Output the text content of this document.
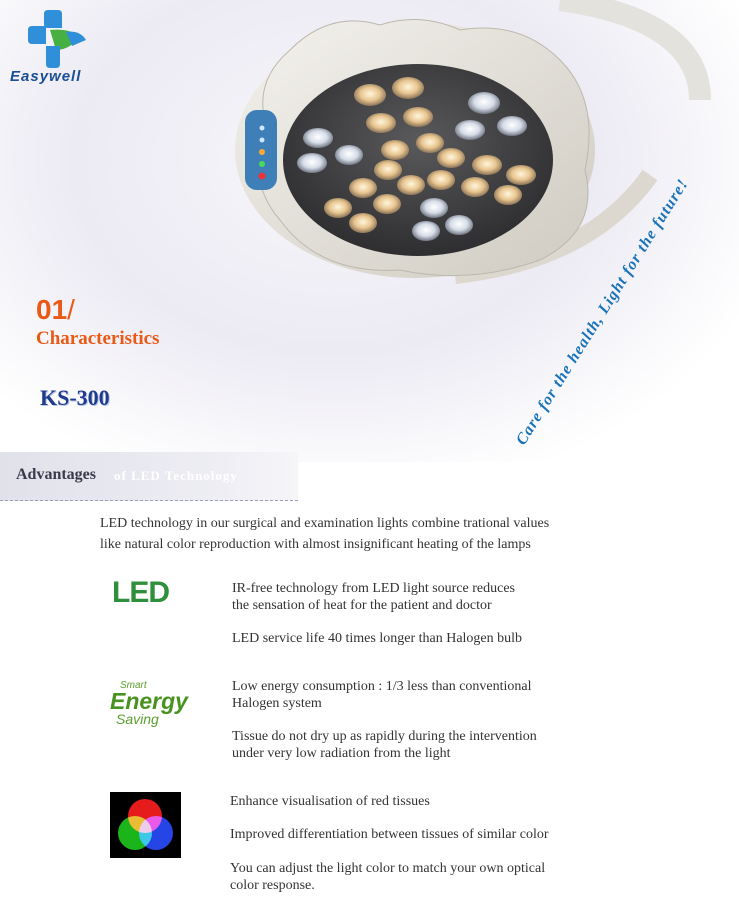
Easywell
01/
Characteristics
KS-300	Care for the health, Light for the future!
Advantages of LED Technology
LED technology in our surgical and examination lights combine trational values
like natural color reproduction with almost insignificant heating of the lamps
LED	IR-free technology from LED light source reduces
the sensation of heat for the patient and doctor
LED service life 40 times longer than Halogen bulb
Smart
Energy
Saving
Low energy consumption : 1/3 less than conventional
Halogen system
Tissue do not dry up as rapidly during the intervention
under very low radiation from the light
Enhance visualisation of red tissues
Improved differentiation between tissues of similar color
You can adjust the light color to match your own optical
color response.
